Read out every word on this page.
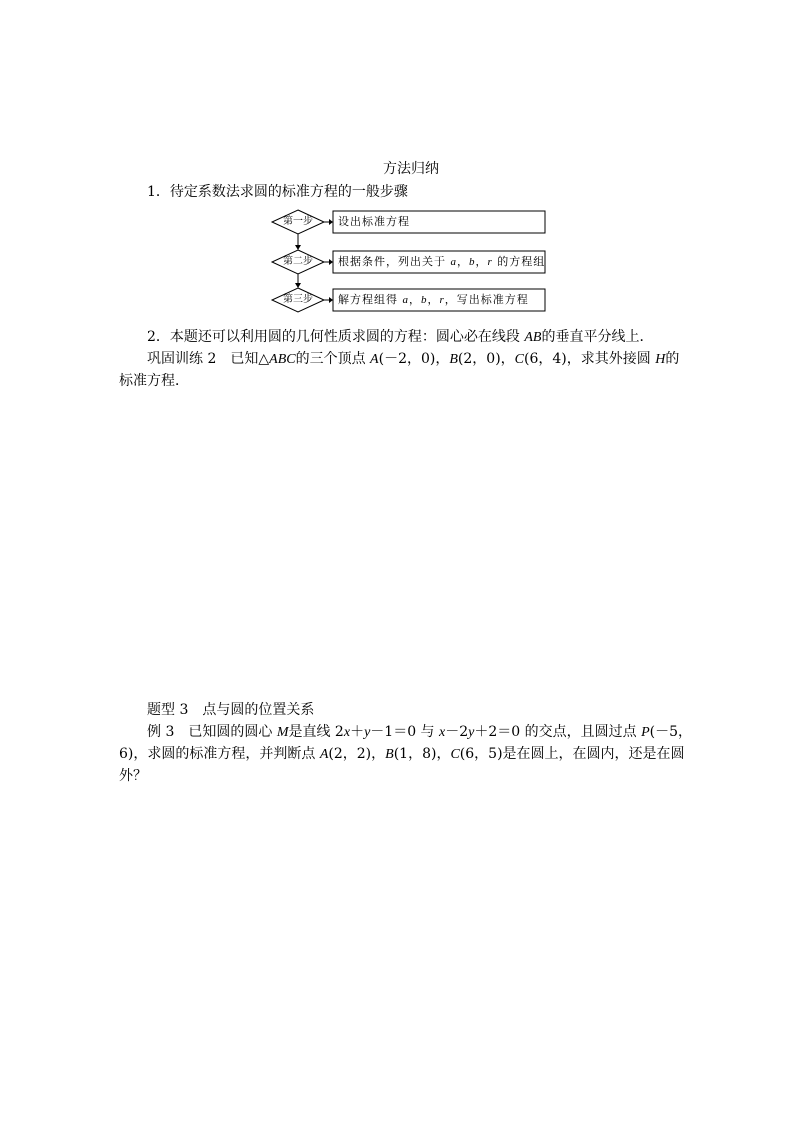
方法归纳
1．待定系数法求圆的标准方程的一般步骤
第一步
第二步
第三步
设出标准方程
根据条件，列出关于 a，b，r 的方程组
解方程组得 a，b，r，写出标准方程
2．本题还可以利用圆的几何性质求圆的方程：圆心必在线段 AB的垂直平分线上．
巩固训练 2　 已知△ABC的三个顶点 A(－2，0)，B(2，0)，C(6，4)，求其外接圆 H的
标准方程．
题型 3　点与圆的位置关系
例 3　 已知圆的圆心 M是直线 2x＋y－1＝0 与 x－2y＋2＝0 的交点，且圆过点 P(－5，
6)，求圆的标准方程，并判断点 A(2，2)，B(1，8)，C(6，5)是在圆上，在圆内，还是在圆
外？
